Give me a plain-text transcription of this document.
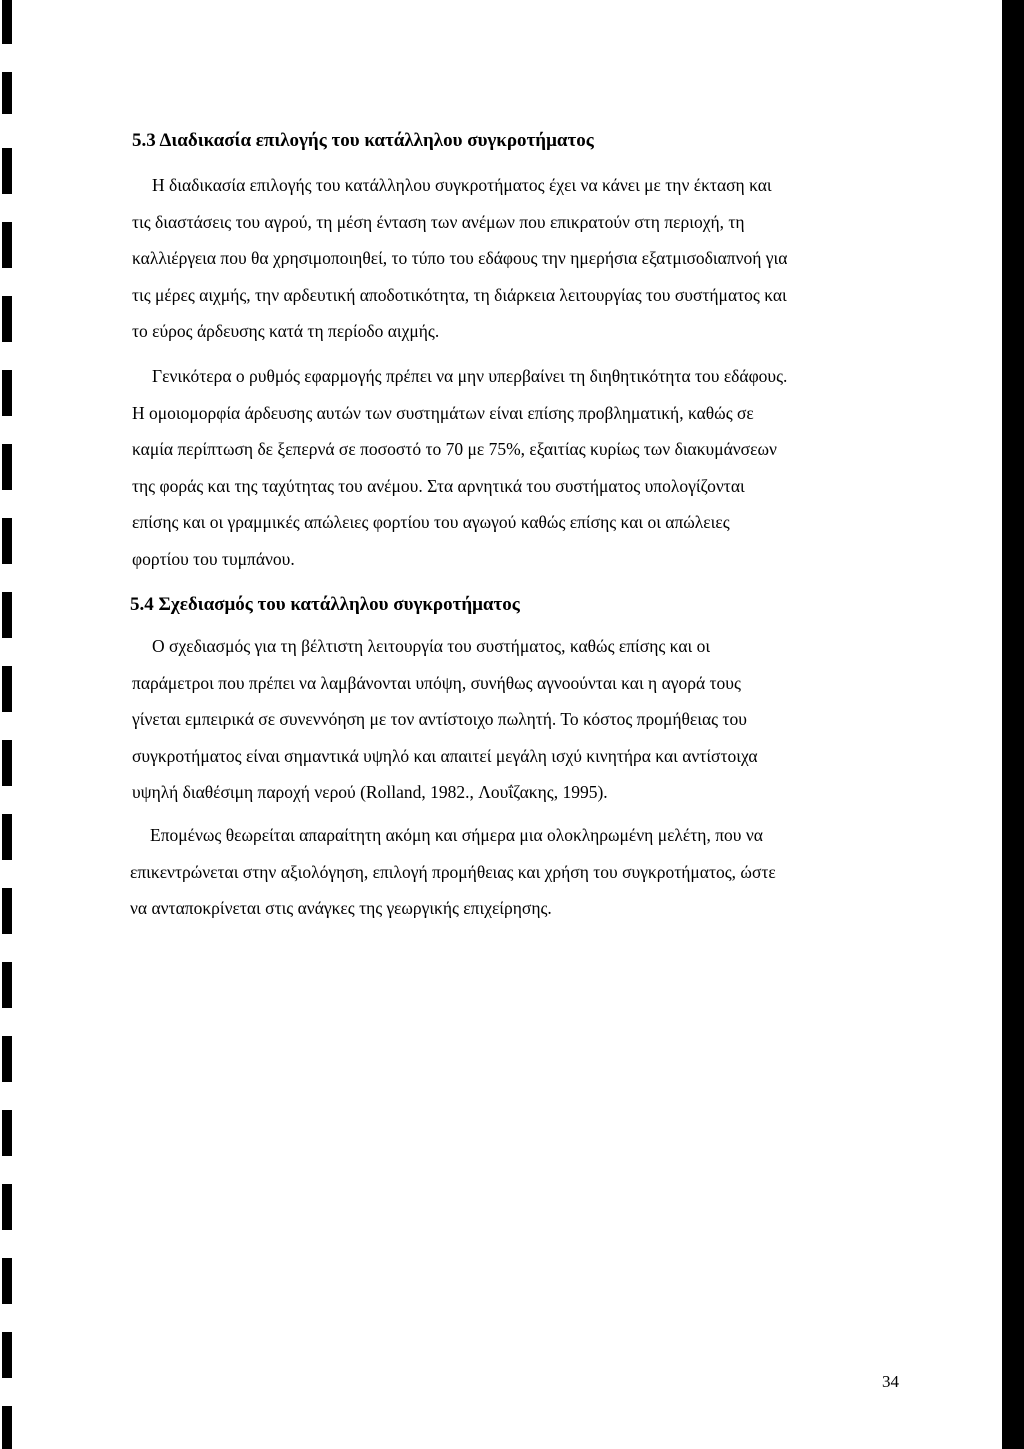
5.3 Διαδικασία επιλογής του κατάλληλου συγκροτήματος

Η διαδικασία επιλογής του κατάλληλου συγκροτήματος έχει να κάνει με την έκταση και
τις διαστάσεις του αγρού, τη μέση ένταση των ανέμων που επικρατούν στη περιοχή, τη
καλλιέργεια που θα χρησιμοποιηθεί, το τύπο του εδάφους την ημερήσια εξατμισοδιαπνοή για
τις μέρες αιχμής, την αρδευτική αποδοτικότητα, τη διάρκεια λειτουργίας του συστήματος και
το εύρος άρδευσης κατά τη περίοδο αιχμής.

Γενικότερα ο ρυθμός εφαρμογής πρέπει να μην υπερβαίνει τη διηθητικότητα του εδάφους.
Η ομοιομορφία άρδευσης αυτών των συστημάτων είναι επίσης προβληματική, καθώς σε
καμία περίπτωση δε ξεπερνά σε ποσοστό το 70 με 75%, εξαιτίας κυρίως των διακυμάνσεων
της φοράς και της ταχύτητας του ανέμου. Στα αρνητικά του συστήματος υπολογίζονται
επίσης και οι γραμμικές απώλειες φορτίου του αγωγού καθώς επίσης και οι απώλειες
φορτίου του τυμπάνου.

5.4 Σχεδιασμός του κατάλληλου συγκροτήματος

Ο σχεδιασμός για τη βέλτιστη λειτουργία του συστήματος, καθώς επίσης και οι
παράμετροι που πρέπει να λαμβάνονται υπόψη, συνήθως αγνοούνται και η αγορά τους
γίνεται εμπειρικά σε συνεννόηση με τον αντίστοιχο πωλητή. Το κόστος προμήθειας του
συγκροτήματος είναι σημαντικά υψηλό και απαιτεί μεγάλη ισχύ κινητήρα και αντίστοιχα
υψηλή διαθέσιμη παροχή νερού (Rolland, 1982., Λουΐζακης, 1995).

Επομένως θεωρείται απαραίτητη ακόμη και σήμερα μια ολοκληρωμένη μελέτη, που να
επικεντρώνεται στην αξιολόγηση, επιλογή προμήθειας και χρήση του συγκροτήματος, ώστε
να ανταποκρίνεται στις ανάγκες της γεωργικής επιχείρησης.

34
